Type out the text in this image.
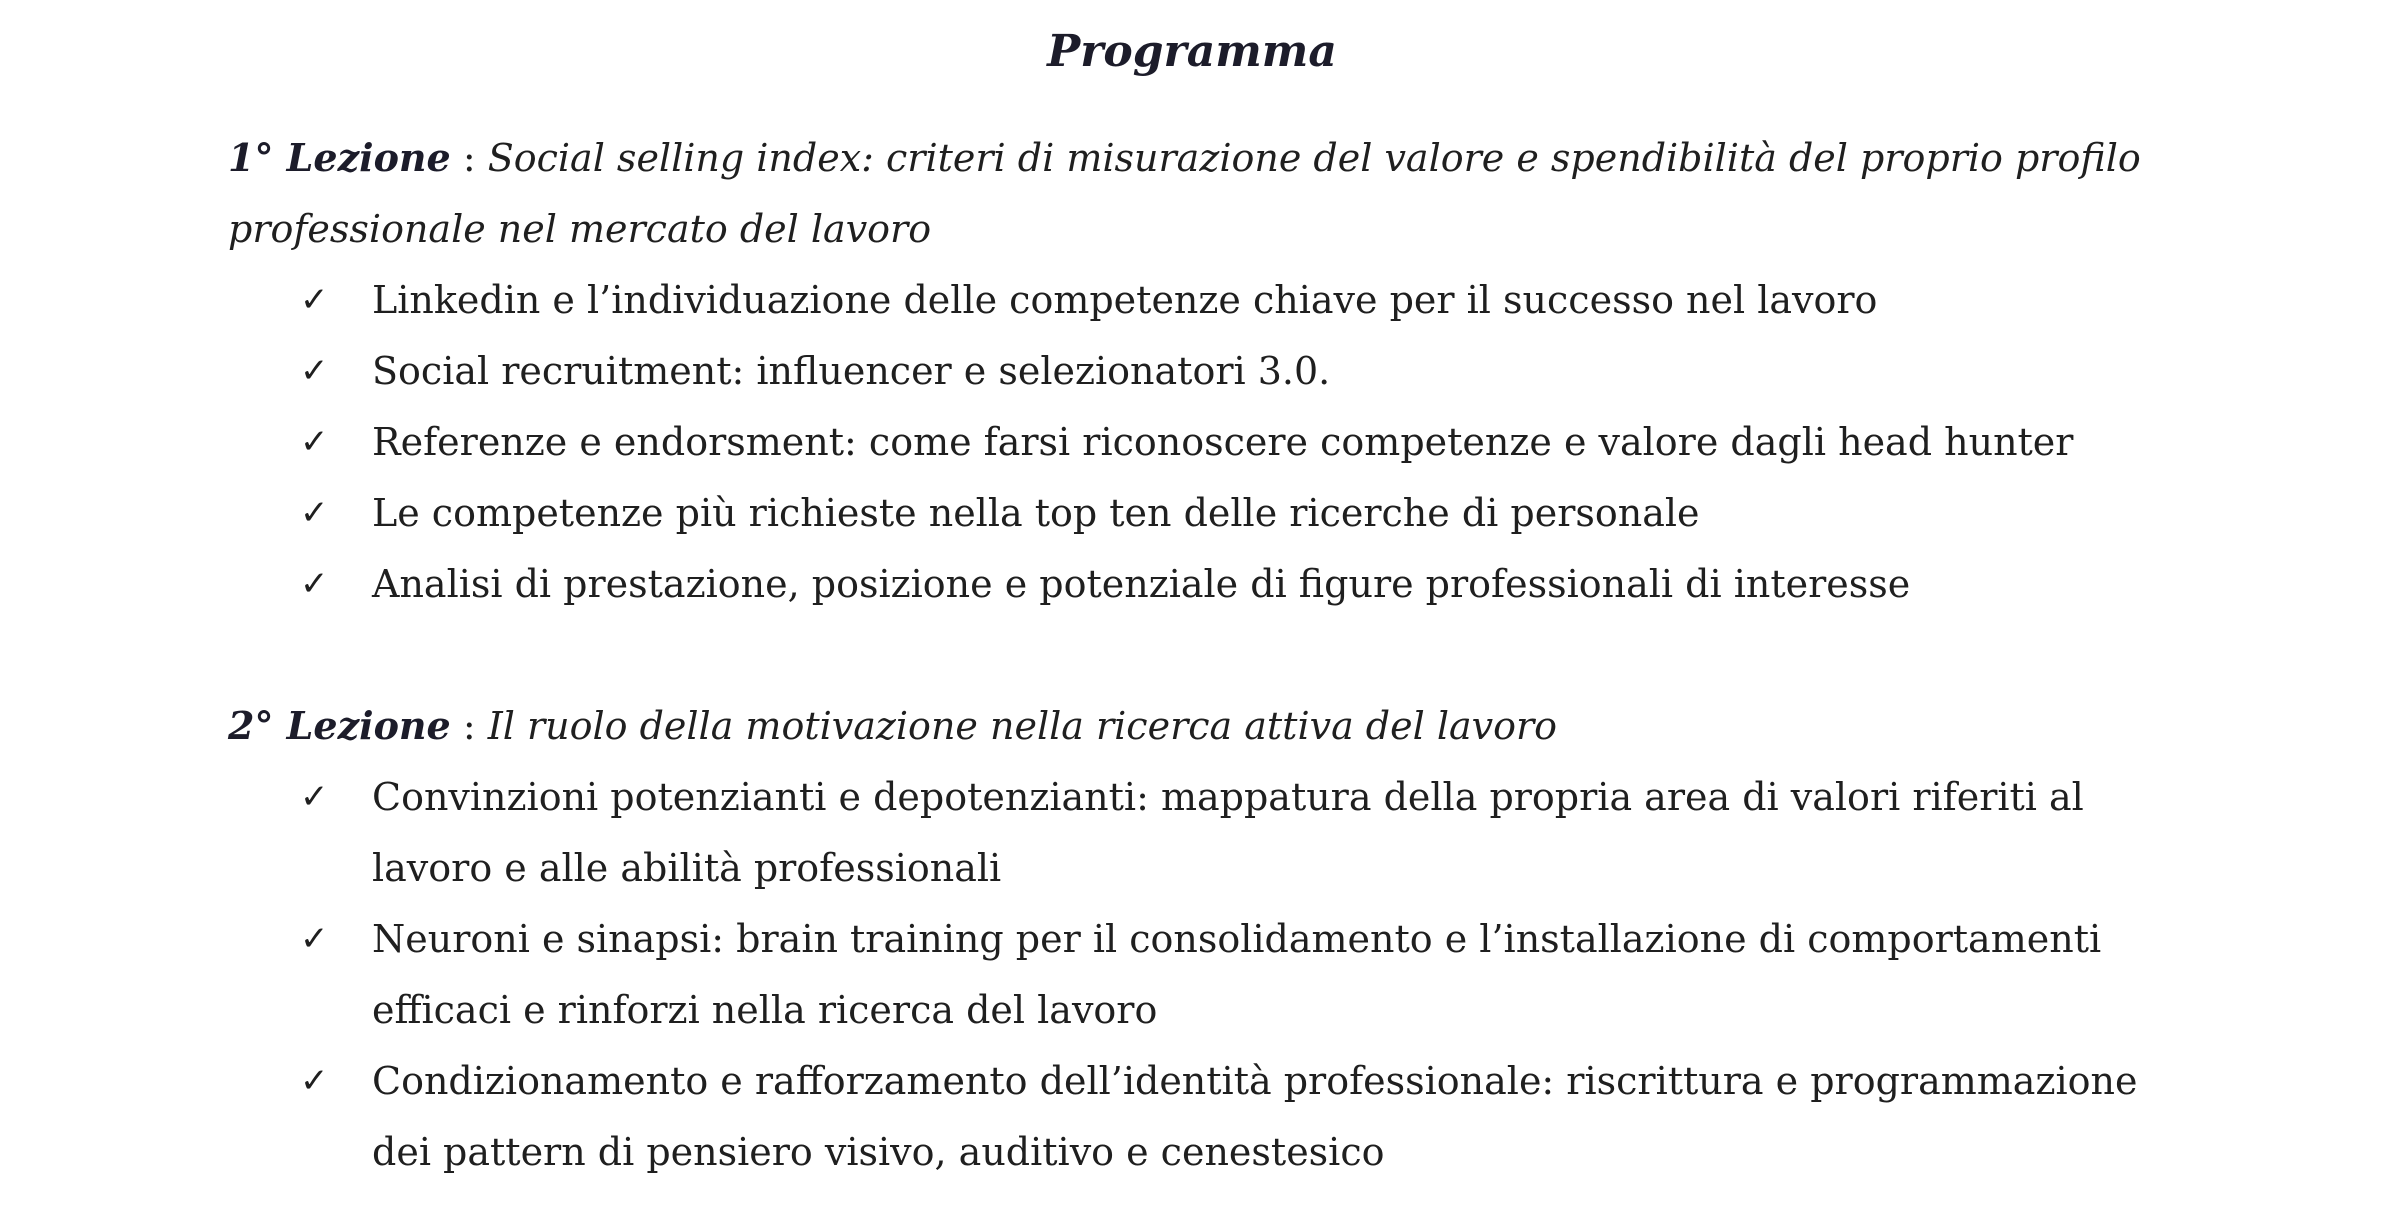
Programma

1° Lezione : Social selling index: criteri di misurazione del valore e spendibilità del proprio profilo professionale nel mercato del lavoro

✓ Linkedin e l’individuazione delle competenze chiave per il successo nel lavoro
✓ Social recruitment: influencer e selezionatori 3.0.
✓ Referenze e endorsment: come farsi riconoscere competenze e valore dagli head hunter
✓ Le competenze più richieste nella top ten delle ricerche di personale
✓ Analisi di prestazione, posizione e potenziale di figure professionali di interesse

2° Lezione : Il ruolo della motivazione nella ricerca attiva del lavoro

✓ Convinzioni potenzianti e depotenzianti: mappatura della propria area di valori riferiti al lavoro e alle abilità professionali
✓ Neuroni e sinapsi: brain training per il consolidamento e l’installazione di comportamenti efficaci e rinforzi nella ricerca del lavoro
✓ Condizionamento e rafforzamento dell’identità professionale: riscrittura e programmazione dei pattern di pensiero visivo, auditivo e cenestesico
